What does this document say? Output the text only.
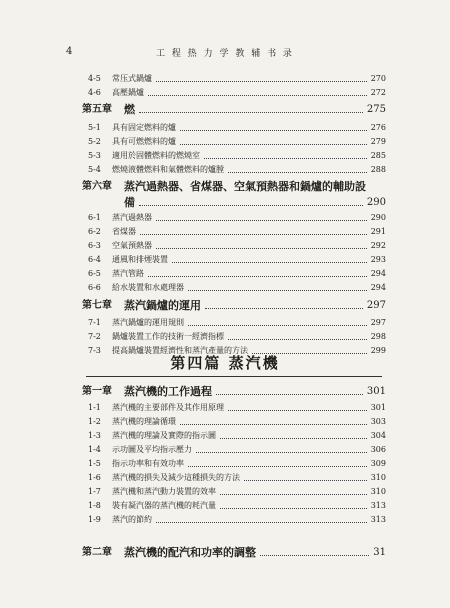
4	工 程 热 力 学 教 辅 书 录
4-5 常压式鍋爐	270
4-6 高壓鍋爐	272
第五章 燃	275
5-1 具有固定燃料的爐	276
5-2 具有可燃燃料的爐	279
5-3 適用於固體燃料的燃燒室	285
5-4 燃燒液體燃料和氣體燃料的爐膛	288
第六章 蒸汽過熱器、省煤器、空氣預熱器和鍋爐的輔助設
備	290
6-1 蒸汽過熱器	290
6-2 省煤器	291
6-3 空氣預熱器	292
6-4 通風和排煙裝置	293
6-5 蒸汽管路	294
6-6 給水裝置和水處理器	294
第七章 蒸汽鍋爐的運用	297
7-1 蒸汽鍋爐的運用規則	297
7-2 鍋爐裝置工作的技術一經濟指標	298
7-3 提高鍋爐裝置經濟性和蒸汽產量的方法	299
第一章 蒸汽機的工作過程	301
1-1 蒸汽機的主要部件及其作用原理	301
1-2 蒸汽機的理論循環	303
1-3 蒸汽機的理論及實際的指示圖	304
1-4 示功圖及平均指示壓力	306
1-5 指示功率和有效功率	309
1-6 蒸汽機的損失及減少這種損失的方法	310
1-7 蒸汽機和蒸汽動力裝置的效率	310
1-8 裝有凝汽器的蒸汽機的耗汽量	313
1-9 蒸汽的節約	313
第二章 蒸汽機的配汽和功率的調整	31
第四篇 蒸汽機
